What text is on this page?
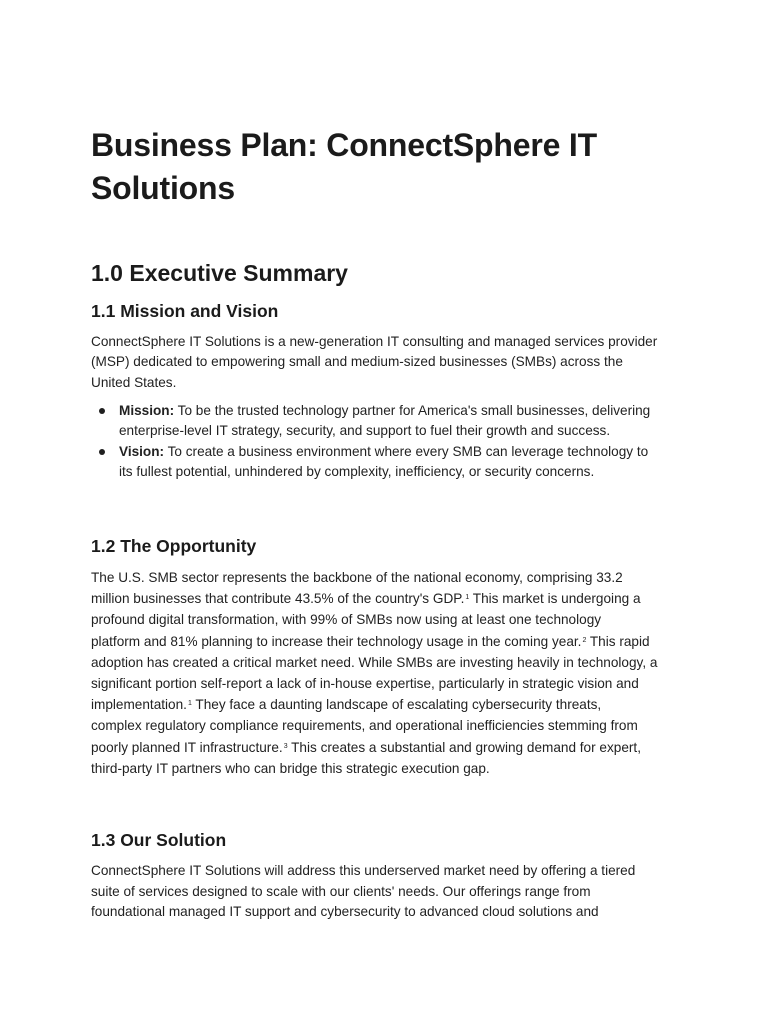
Business Plan: ConnectSphere IT
Solutions
1.0 Executive Summary
1.1 Mission and Vision

ConnectSphere IT Solutions is a new-generation IT consulting and managed services provider
(MSP) dedicated to empowering small and medium-sized businesses (SMBs) across the
United States.

Mission: To be the trusted technology partner for America's small businesses, delivering
enterprise-level IT strategy, security, and support to fuel their growth and success.
Vision: To create a business environment where every SMB can leverage technology to
its fullest potential, unhindered by complexity, inefficiency, or security concerns.
1.2 The Opportunity

The U.S. SMB sector represents the backbone of the national economy, comprising 33.2
million businesses that contribute 43.5% of the country's GDP.$^1$ This market is undergoing a
profound digital transformation, with 99% of SMBs now using at least one technology
platform and 81% planning to increase their technology usage in the coming year.$^2$ This rapid
adoption has created a critical market need. While SMBs are investing heavily in technology, a
significant portion self-report a lack of in-house expertise, particularly in strategic vision and
implementation.$^1$ They face a daunting landscape of escalating cybersecurity threats,
complex regulatory compliance requirements, and operational inefficiencies stemming from
poorly planned IT infrastructure.$^3$ This creates a substantial and growing demand for expert,
third-party IT partners who can bridge this strategic execution gap.

1.3 Our Solution

ConnectSphere IT Solutions will address this underserved market need by offering a tiered
suite of services designed to scale with our clients' needs. Our offerings range from
foundational managed IT support and cybersecurity to advanced cloud solutions and
